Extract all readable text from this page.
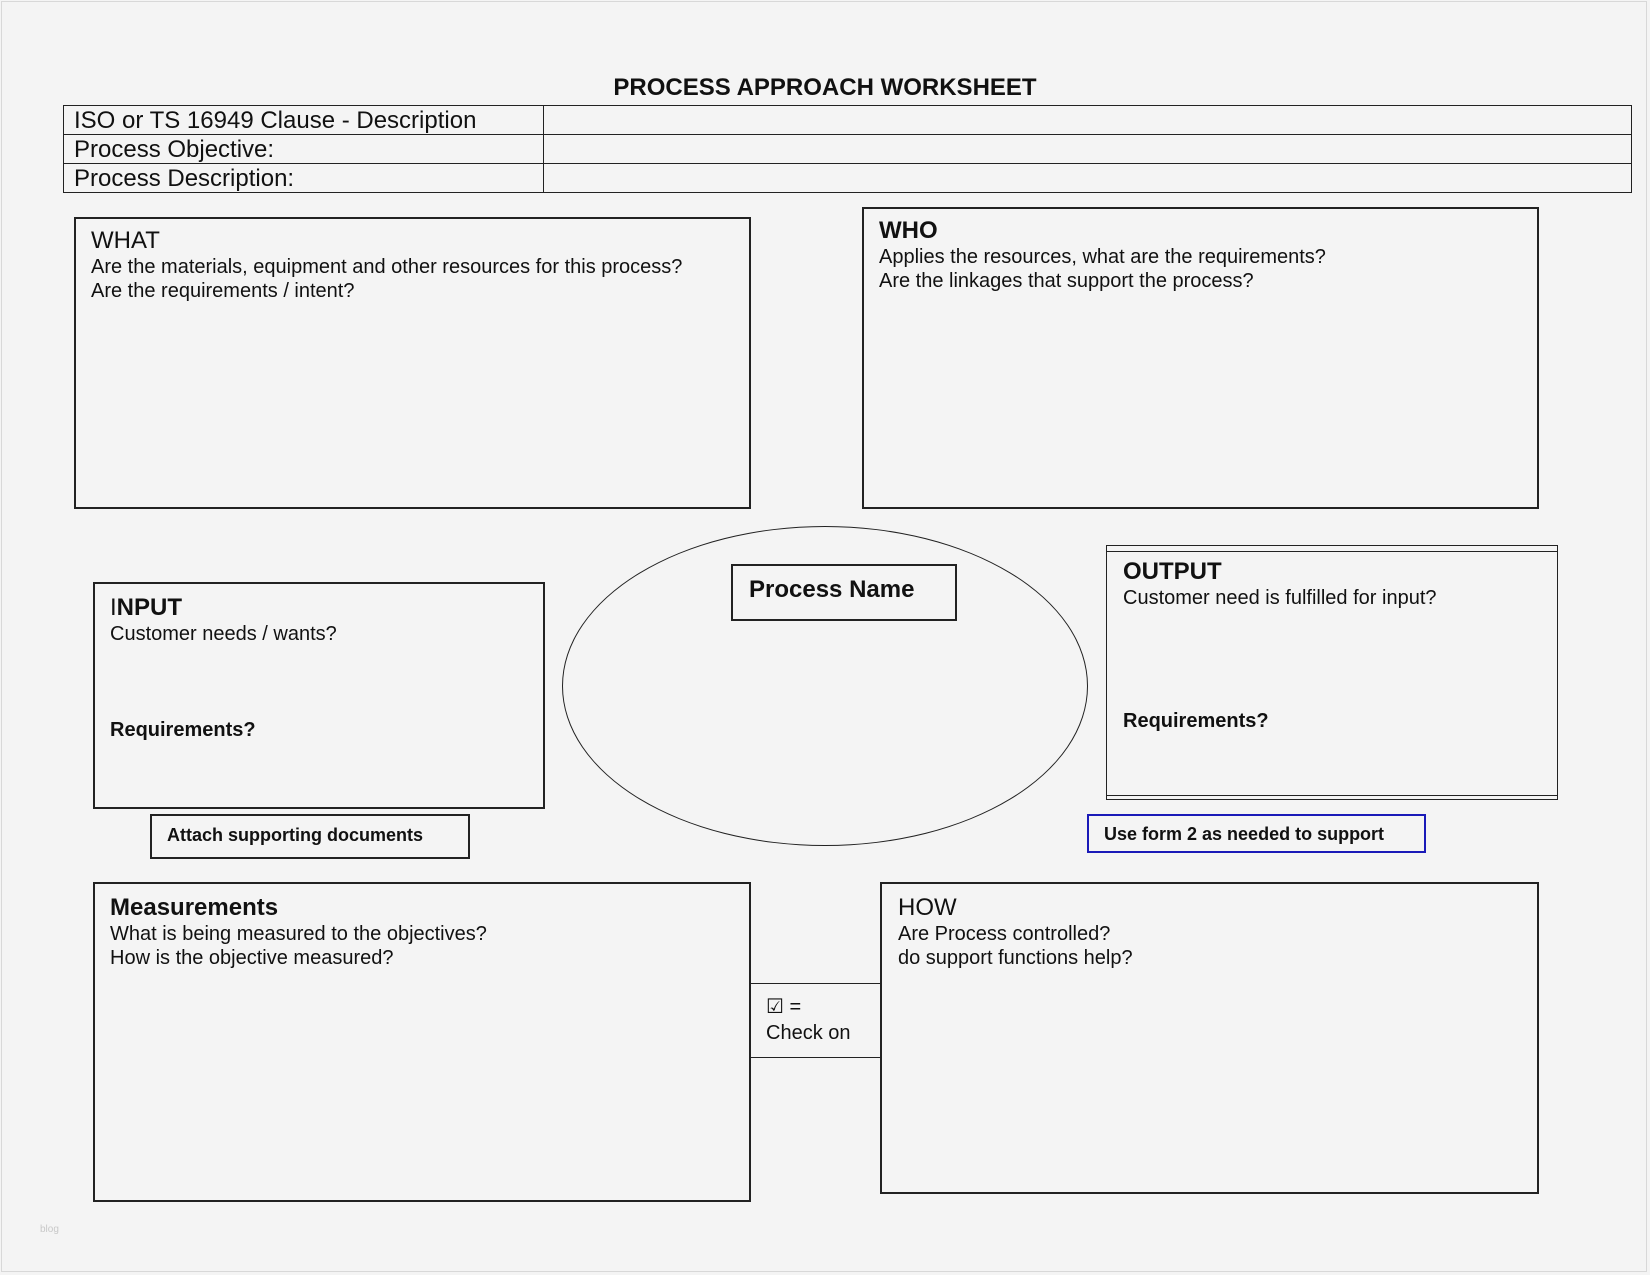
PROCESS APPROACH WORKSHEET
ISO or TS 16949 Clause - Description	
Process Objective:	
Process Description:	
WHAT
Are the materials, equipment and other resources for this process?
Are the requirements / intent?
WHO
Applies the resources, what are the requirements?
Are the linkages that support the process?
INPUT
Customer needs / wants?
Requirements?
Process Name
OUTPUT
Customer need is fulfilled for input?
Requirements?
Attach supporting documents	Use form 2 as needed to support
Measurements
What is being measured to the objectives?
How is the objective measured?
☑ =
Check on
HOW
Are Process controlled?
do support functions help?
blog
